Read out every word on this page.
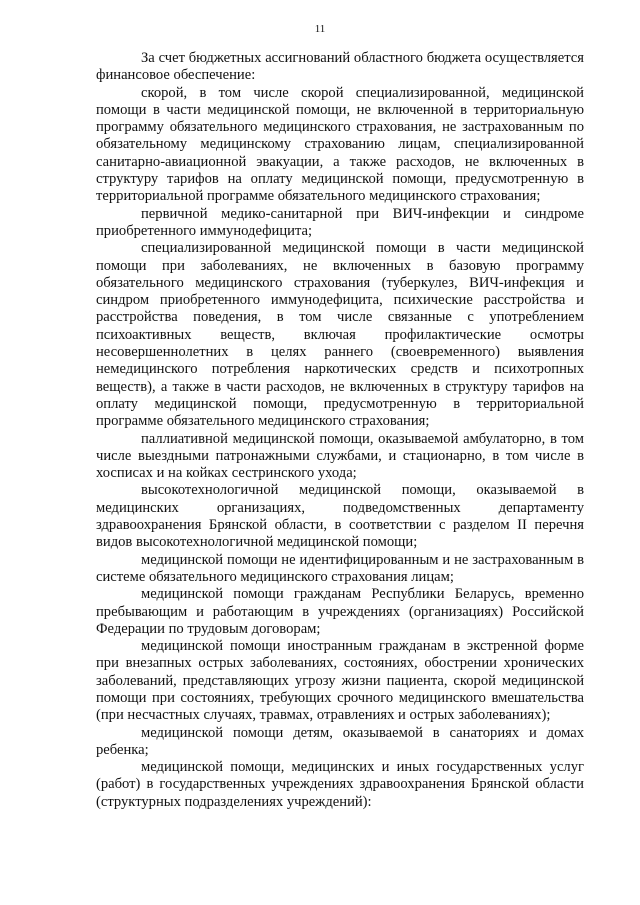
11

За счет бюджетных ассигнований областного бюджета осуществляется финансовое обеспечение:

скорой, в том числе скорой специализированной, медицинской помощи в части медицинской помощи, не включенной в территориальную программу обязательного медицинского страхования, не застрахованным по обязательному медицинскому страхованию лицам, специализированной санитарно-авиационной эвакуации, а также расходов, не включенных в структуру тарифов на оплату медицинской помощи, предусмотренную в территориальной программе обязательного медицинского страхования;

первичной медико-санитарной при ВИЧ-инфекции и синдроме приобретенного иммунодефицита;

специализированной медицинской помощи в части медицинской помощи при заболеваниях, не включенных в базовую программу обязательного медицинского страхования (туберкулез, ВИЧ-инфекция и синдром приобретенного иммунодефицита, психические расстройства и расстройства поведения, в том числе связанные с употреблением психоактивных веществ, включая профилактические осмотры несовершеннолетних в целях раннего (своевременного) выявления немедицинского потребления наркотических средств и психотропных веществ), а также в части расходов, не включенных в структуру тарифов на оплату медицинской помощи, предусмотренную в территориальной программе обязательного медицинского страхования;

паллиативной медицинской помощи, оказываемой амбулаторно, в том числе выездными патронажными службами, и стационарно, в том числе в хосписах и на койках сестринского ухода;

высокотехнологичной медицинской помощи, оказываемой в медицинских организациях, подведомственных департаменту здравоохранения Брянской области, в соответствии с разделом II перечня видов высокотехнологичной медицинской помощи;

медицинской помощи не идентифицированным и не застрахованным в системе обязательного медицинского страхования лицам;

медицинской помощи гражданам Республики Беларусь, временно пребывающим и работающим в учреждениях (организациях) Российской Федерации по трудовым договорам;

медицинской помощи иностранным гражданам в экстренной форме при внезапных острых заболеваниях, состояниях, обострении хронических заболеваний, представляющих угрозу жизни пациента, скорой медицинской помощи при состояниях, требующих срочного медицинского вмешательства (при несчастных случаях, травмах, отравлениях и острых заболеваниях);

медицинской помощи детям, оказываемой в санаториях и домах ребенка;

медицинской помощи, медицинских и иных государственных услуг (работ) в государственных учреждениях здравоохранения Брянской области (структурных подразделениях учреждений):
